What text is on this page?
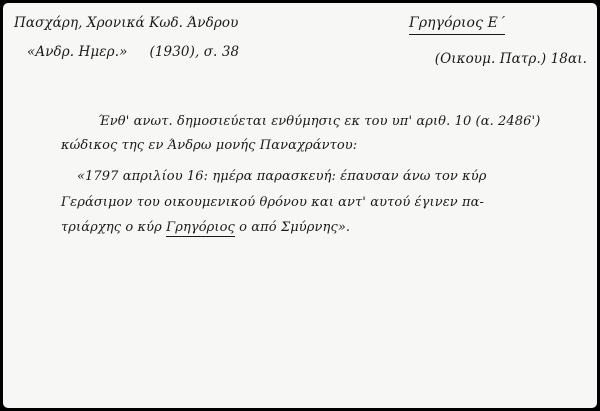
Πασχάρη, Χρονικά Κωδ. Άνδρου
«Ανδρ. Ημερ.» (1930), σ. 38
Γρηγόριος Ε΄
(Οικουμ. Πατρ.) 18αι.
Ένθ' ανωτ. δημοσιεύεται ενθύμησις εκ του υπ' αριθ. 10 (α. 2486')
κώδικος της εν Άνδρω μονής Παναχράντου:
«1797 απριλίου 16: ημέρα παρασκευή: έπαυσαν άνω τον κύρ
Γεράσιμον του οικουμενικού θρόνου και αντ' αυτού έγινεν πα-
τριάρχης ο κύρ Γρηγόριος ο από Σμύρνης».
